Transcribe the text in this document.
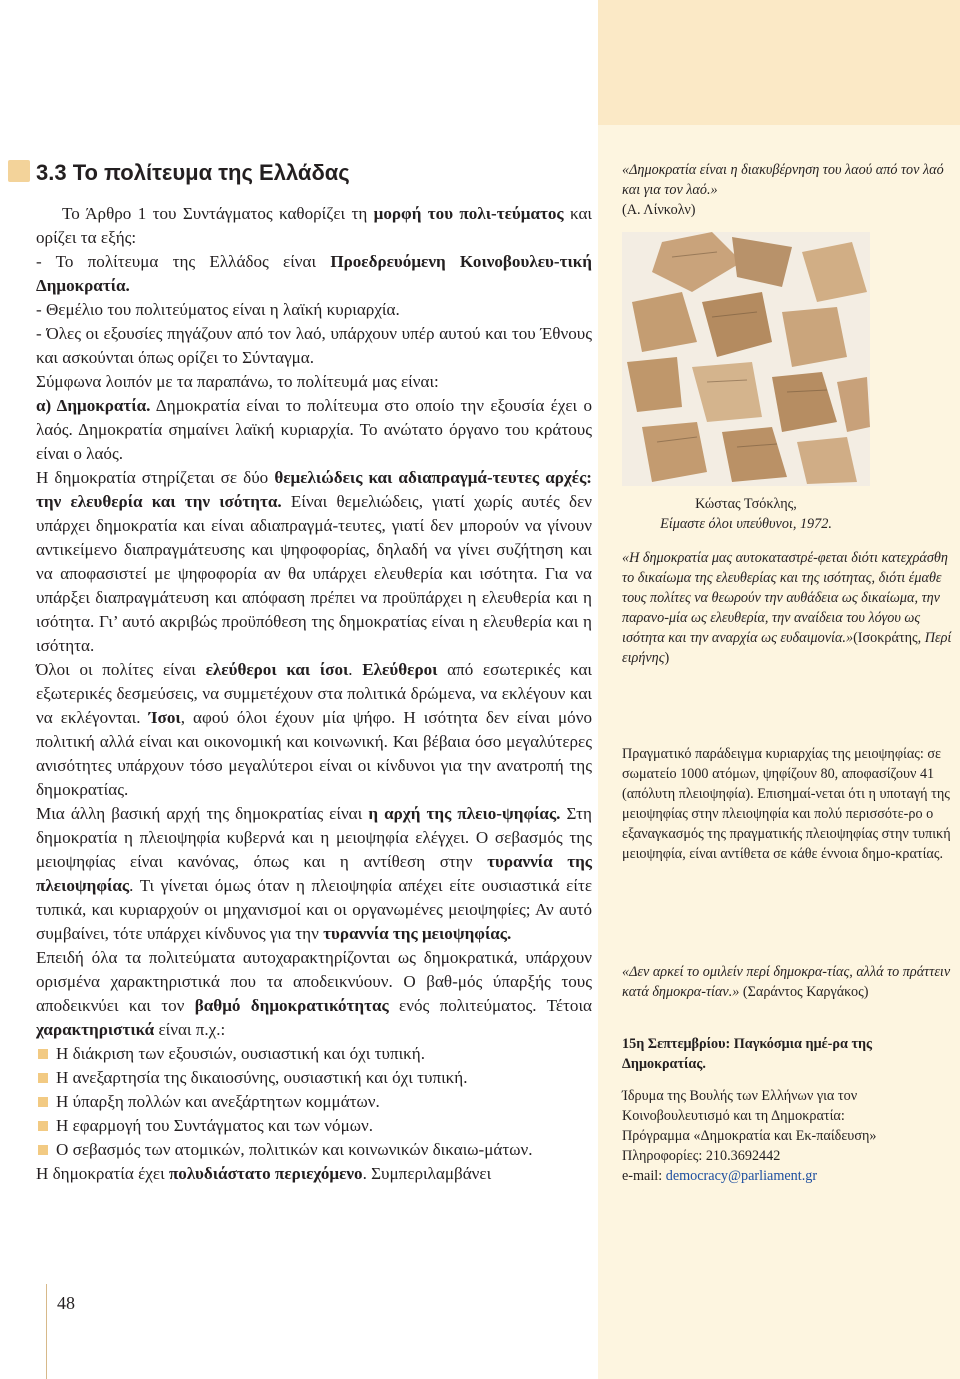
3.3 Το πολίτευμα της Ελλάδας

Το Άρθρο 1 του Συντάγματος καθορίζει τη μορφή του πολι-τεύματος και ορίζει τα εξής:

- Το πολίτευμα της Ελλάδος είναι Προεδρευόμενη Κοινοβουλευ-τική Δημοκρατία.

- Θεμέλιο του πολιτεύματος είναι η λαϊκή κυριαρχία.

- Όλες οι εξουσίες πηγάζουν από τον λαό, υπάρχουν υπέρ αυτού και του Έθνους και ασκούνται όπως ορίζει το Σύνταγμα.

Σύμφωνα λοιπόν με τα παραπάνω, το πολίτευμά μας είναι:

α) Δημοκρατία. Δημοκρατία είναι το πολίτευμα στο οποίο την εξουσία έχει ο λαός. Δημοκρατία σημαίνει λαϊκή κυριαρχία. Το ανώτατο όργανο του κράτους είναι ο λαός.

Η δημοκρατία στηρίζεται σε δύο θεμελιώδεις και αδιαπραγμά-τευτες αρχές: την ελευθερία και την ισότητα. Είναι θεμελιώδεις, γιατί χωρίς αυτές δεν υπάρχει δημοκρατία και είναι αδιαπραγμά-τευτες, γιατί δεν μπορούν να γίνουν αντικείμενο διαπραγμάτευσης και ψηφοφορίας, δηλαδή να γίνει συζήτηση και να αποφασιστεί με ψηφοφορία αν θα υπάρχει ελευθερία και ισότητα. Για να υπάρξει διαπραγμάτευση και απόφαση πρέπει να προϋπάρχει η ελευθερία και η ισότητα. Γι’ αυτό ακριβώς προϋπόθεση της δημοκρατίας είναι η ελευθερία και η ισότητα.

Όλοι οι πολίτες είναι ελεύθεροι και ίσοι. Ελεύθεροι από εσωτερικές και εξωτερικές δεσμεύσεις, να συμμετέχουν στα πολιτικά δρώμενα, να εκλέγουν και να εκλέγονται. Ίσοι, αφού όλοι έχουν μία ψήφο. Η ισότητα δεν είναι μόνο πολιτική αλλά είναι και οικονομική και κοινωνική. Και βέβαια όσο μεγαλύτερες ανισότητες υπάρχουν τόσο μεγαλύτεροι είναι οι κίνδυνοι για την ανατροπή της δημοκρατίας.

Μια άλλη βασική αρχή της δημοκρατίας είναι η αρχή της πλειο-ψηφίας. Στη δημοκρατία η πλειοψηφία κυβερνά και η μειοψηφία ελέγχει. Ο σεβασμός της μειοψηφίας είναι κανόνας, όπως και η αντίθεση στην τυραννία της πλειοψηφίας. Τι γίνεται όμως όταν η πλειοψηφία απέχει είτε ουσιαστικά είτε τυπικά, και κυριαρχούν οι μηχανισμοί και οι οργανωμένες μειοψηφίες; Αν αυτό συμβαίνει, τότε υπάρχει κίνδυνος για την τυραννία της μειοψηφίας.

Επειδή όλα τα πολιτεύματα αυτοχαρακτηρίζονται ως δημοκρατικά, υπάρχουν ορισμένα χαρακτηριστικά που τα αποδεικνύουν. Ο βαθ-μός ύπαρξής τους αποδεικνύει και τον βαθμό δημοκρατικότητας ενός πολιτεύματος. Τέτοια χαρακτηριστικά είναι π.χ.:

Η διάκριση των εξουσιών, ουσιαστική και όχι τυπική.
Η ανεξαρτησία της δικαιοσύνης, ουσιαστική και όχι τυπική.
Η ύπαρξη πολλών και ανεξάρτητων κομμάτων.
Η εφαρμογή του Συντάγματος και των νόμων.
Ο σεβασμός των ατομικών, πολιτικών και κοινωνικών δικαιω-μάτων.

Η δημοκρατία έχει πολυδιάστατο περιεχόμενο. Συμπεριλαμβάνει

«Δημοκρατία είναι η διακυβέρνηση του λαού από τον λαό και για τον λαό.»
(Α. Λίνκολν)
Κώστας Τσόκλης,
Είμαστε όλοι υπεύθυνοι, 1972.
«Η δημοκρατία μας αυτοκαταστρέ-φεται διότι κατεχράσθη το δικαίωμα της ελευθερίας και της ισότητας, διότι έμαθε τους πολίτες να θεωρούν την αυθάδεια ως δικαίωμα, την παρανο-μία ως ελευθερία, την αναίδεια του λόγου ως ισότητα και την αναρχία ως ευδαιμονία.»(Ισοκράτης, Περί ειρήνης)
Πραγματικό παράδειγμα κυριαρχίας της μειοψηφίας: σε σωματείο 1000 ατόμων, ψηφίζουν 80, αποφασίζουν 41 (απόλυτη πλειοψηφία). Επισημαί-νεται ότι η υποταγή της μειοψηφίας στην πλειοψηφία και πολύ περισσότε-ρο ο εξαναγκασμός της πραγματικής πλειοψηφίας στην τυπική μειοψηφία, είναι αντίθετα σε κάθε έννοια δημο-κρατίας.
«Δεν αρκεί το ομιλείν περί δημοκρα-τίας, αλλά το πράττειν κατά δημοκρα-τίαν.» (Σαράντος Καργάκος)
15η Σεπτεμβρίου: Παγκόσμια ημέ-ρα της Δημοκρατίας.
Ίδρυμα της Βουλής των Ελλήνων για τον Κοινοβουλευτισμό και τη Δημοκρατία:
Πρόγραμμα «Δημοκρατία και Εκ-παίδευση»
Πληροφορίες: 210.3692442
e-mail: democracy@parliament.gr
48
